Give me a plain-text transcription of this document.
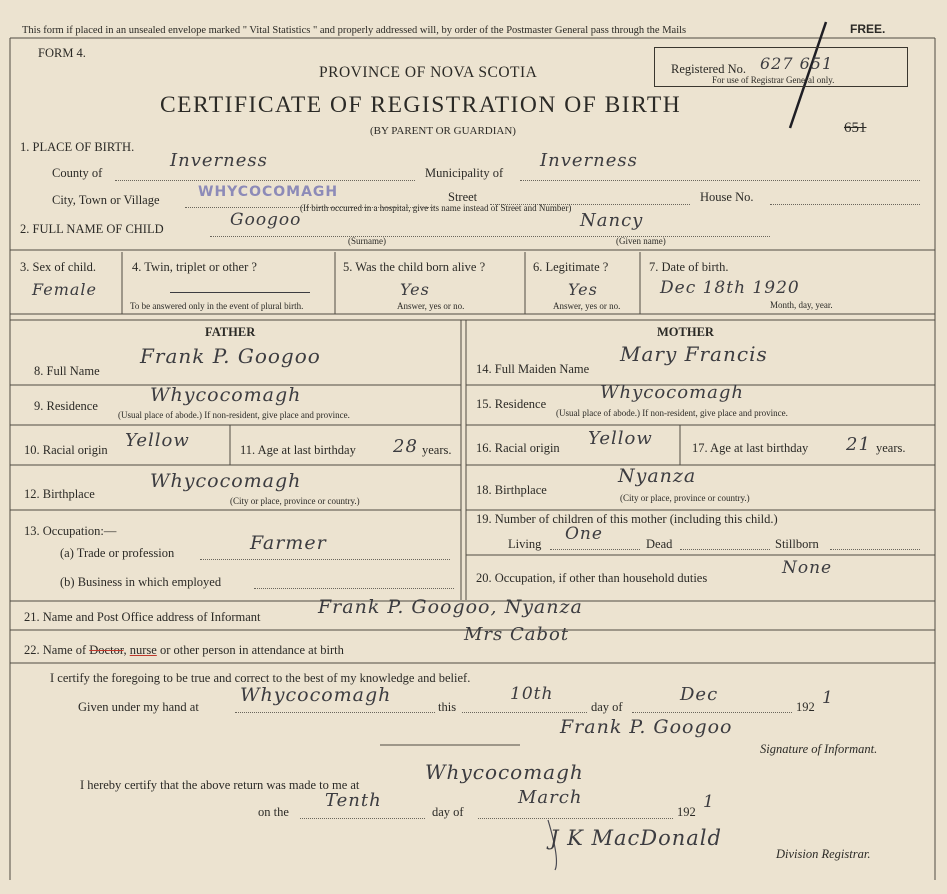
This form if placed in an unsealed envelope marked " Vital Statistics " and properly addressed will, by order of the Postmaster General pass through the Mails	FREE.
FORM 4.
PROVINCE OF NOVA SCOTIA
CERTIFICATE OF REGISTRATION OF BIRTH
(BY PARENT OR GUARDIAN)
Registered No. 627 651
For use of Registrar General only.
651
1. PLACE OF BIRTH.
County of
Inverness
Municipality of
Inverness
City, Town or Village	WHYCOCOMAGH	Street	House No.
(If birth occurred in a hospital, give its name instead of Street and Number)
2. FULL NAME OF CHILD	Googoo	Nancy
(Surname)	(Given name)
3. Sex of child.
Female
4. Twin, triplet or other ?
To be answered only in the event of plural birth.
5. Was the child born alive ?
Yes
Answer, yes or no.
6. Legitimate ?
Yes
Answer, yes or no.
7. Date of birth.
Dec 18th 1920
Month, day, year.
FATHER
8. Full Name
Frank P. Googoo
9. Residence	Whycocomagh
(Usual place of abode.) If non-resident, give place and province.
10. Racial origin Yellow	11. Age at last birthday 28 years.
12. Birthplace
Whycocomagh
(City or place, province or country.)
13. Occupation:—
(a) Trade or profession	Farmer
(b) Business in which employed
MOTHER
14. Full Maiden Name
Mary Francis
15. Residence
Whycocomagh
(Usual place of abode.) If non-resident, give place and province.
16. Racial origin Yellow	17. Age at last birthday 21 years.
18. Birthplace
Nyanza
(City or place, province or country.)
19. Number of children of this mother (including this child.)
Living One	Dead	Stillborn
20. Occupation, if other than household duties	None
21. Name and Post Office address of Informant	Frank P. Googoo, Nyanza
22. Name of Doctor, nurse or other person in attendance at birth
Mrs Cabot
I certify the foregoing to be true and correct to the best of my knowledge and belief.
Given under my hand at
Whycocomagh
this
10th
day of
Dec
192 1
Frank P. Googoo
Signature of Informant.
I hereby certify that the above return was made to me at
Whycocomagh
on the
Tenth
day of
March
192 1
J K MacDonald
Division Registrar.
